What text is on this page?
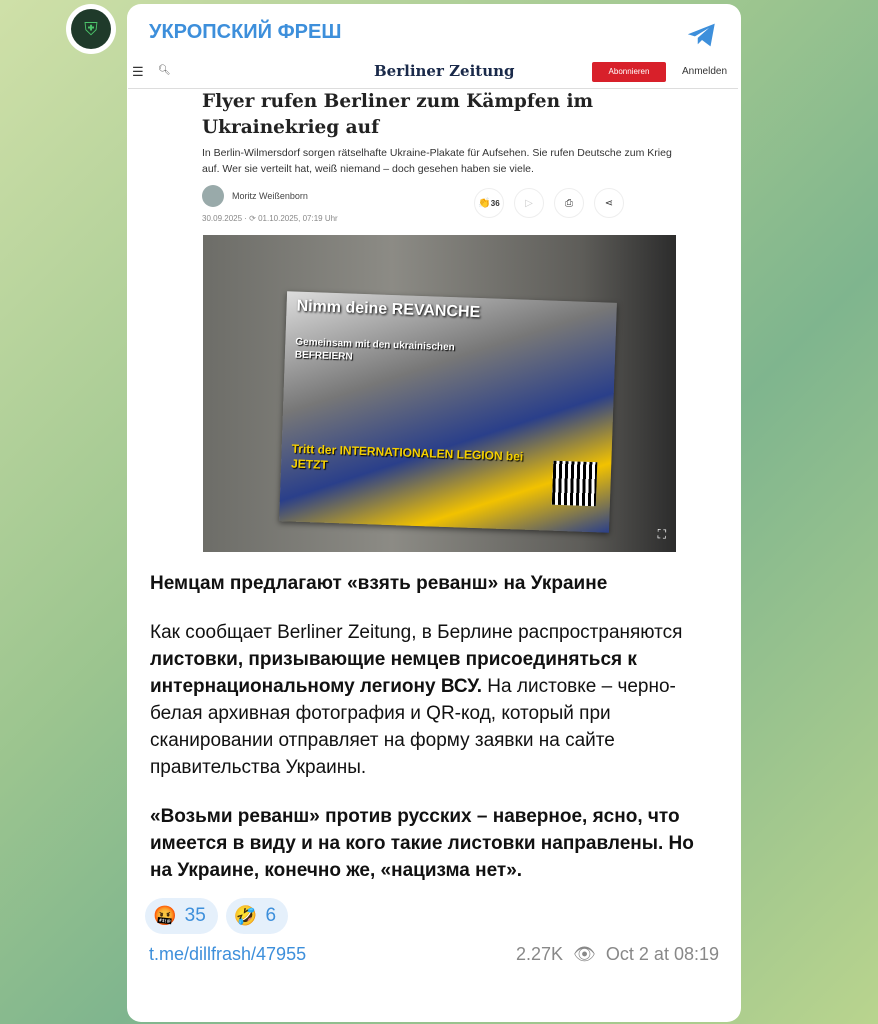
⛨	УКРОПСКИЙ ФРЕШ
☰ 🔍︎	Berliner Zeitung	Abonnieren	Anmelden
Flyer rufen Berliner zum Kämpfen im Ukrainekrieg auf

In Berlin-Wilmersdorf sorgen rätselhafte Ukraine-Plakate für Aufsehen. Sie rufen Deutsche zum Krieg auf. Wer sie verteilt hat, weiß niemand – doch gesehen haben sie viele.

Moritz Weißenborn
30.09.2025 · ⟳ 01.10.2025, 07:19 Uhr
👏 36	▷	⎙	⋖
Nimm deine REVANCHE
Gemeinsam mit den ukrainischen BEFREIERN
Tritt der INTERNATIONALEN LEGION bei JETZT
⛶
Немцам предлагают «взять реванш» на Украине
Как сообщает Berliner Zeitung, в Берлине распространяются листовки, призывающие немцев присоединяться к интернациональному легиону ВСУ. На листовке – черно-белая архивная фотография и QR-код, который при сканировании отправляет на форму заявки на сайте правительства Украины.
«Возьми реванш» против русских – наверное, ясно, что имеется в виду и на кого такие листовки направлены. Но на Украине, конечно же, «нацизма нет».
🤬 35 🤣 6
t.me/dillfrash/47955	2.27K 👁︎ Oct 2 at 08:19
